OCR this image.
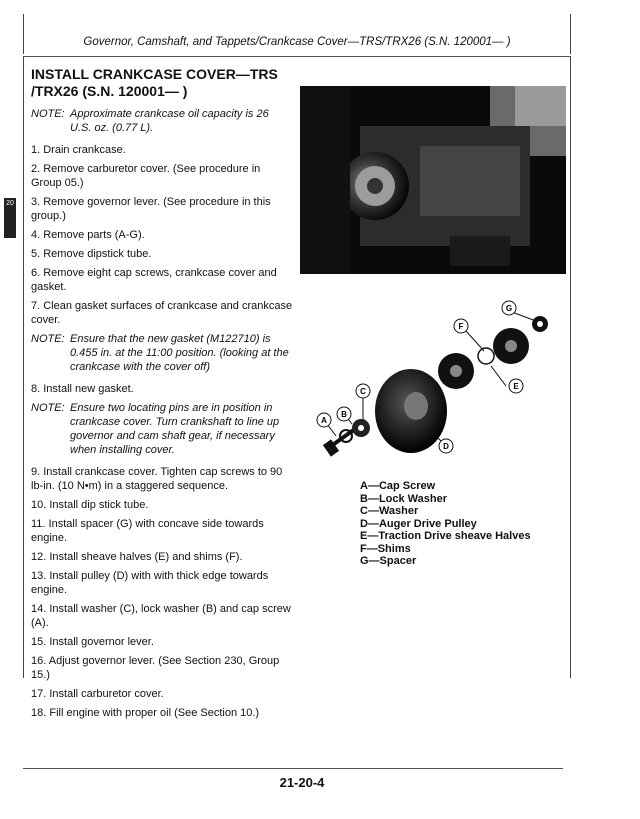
Governor, Camshaft, and Tappets/Crankcase Cover—TRS/TRX26 (S.N. 120001— )
20
INSTALL CRANKCASE COVER—TRS /TRX26 (S.N. 120001— )
NOTE: Approximate crankcase oil capacity is 26 U.S. oz. (0.77 L).
1. Drain crankcase.
2. Remove carburetor cover. (See procedure in Group 05.)
3. Remove governor lever. (See procedure in this group.)
4. Remove parts (A-G).
5. Remove dipstick tube.
6. Remove eight cap screws, crankcase cover and gasket.
7. Clean gasket surfaces of crankcase and crankcase cover.
NOTE: Ensure that the new gasket (M122710) is 0.455 in. at the 11:00 position. (looking at the crankcase with the cover off)
8. Install new gasket.
NOTE: Ensure two locating pins are in position in crankcase cover. Turn crankshaft to line up governor and cam shaft gear, if necessary when installing cover.
9. Install crankcase cover. Tighten cap screws to 90 lb-in. (10 N•m) in a staggered sequence.
10. Install dip stick tube.
11. Install spacer (G) with concave side towards engine.
12. Install sheave halves (E) and shims (F).
13. Install pulley (D) with with thick edge towards engine.
14. Install washer (C), lock washer (B) and cap screw (A).
15. Install governor lever.
16. Adjust governor lever. (See Section 230, Group 15.)
17. Install carburetor cover.
18. Fill engine with proper oil (See Section 10.)
A
B
C
D
E
F
G
A—Cap Screw
B—Lock Washer
C—Washer
D—Auger Drive Pulley
E—Traction Drive sheave Halves
F—Shims
G—Spacer
21-20-4
